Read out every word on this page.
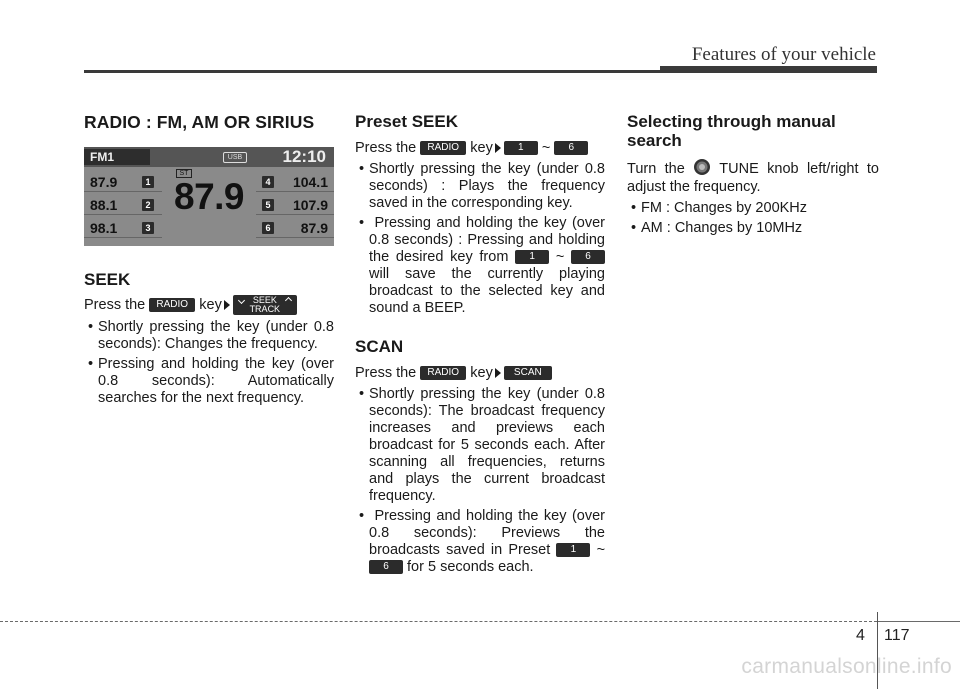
Features of your vehicle
RADIO : FM, AM OR SIRIUS
FM1	USB 12:10
ST
87.9
87.9	1
88.1	2
98.1	3
4 104.1
5 107.9
6 87.9
SEEK

Press the	RADIO key	SEEK
TRACK

• Shortly pressing the key (under 0.8 seconds): Changes the frequency.
• Pressing and holding the key (over 0.8 seconds): Automatically searches for the next frequency.
Preset SEEK

Press the	RADIO key	1	~	6

• Shortly pressing the key (under 0.8 seconds) : Plays the frequency saved in the corresponding key.
• Pressing and holding the key (over 0.8 seconds) : Pressing and holding the desired key from 1 ~ 6 will save the currently playing broadcast to the selected key and sound a BEEP.
SCAN

Press the	RADIO key	SCAN

• Shortly pressing the key (under 0.8 seconds): The broadcast frequency increases and previews each broadcast for 5 seconds each. After scanning all frequencies, returns and plays the current broadcast frequency.
• Pressing and holding the key (over 0.8 seconds): Previews the broadcasts saved in Preset 1 ~ 6 for 5 seconds each.
Selecting through manual search

Turn the TUNE knob left/right to adjust the frequency.

• FM : Changes by 200KHz
• AM : Changes by 10MHz
4 117
carmanualsonline.info
